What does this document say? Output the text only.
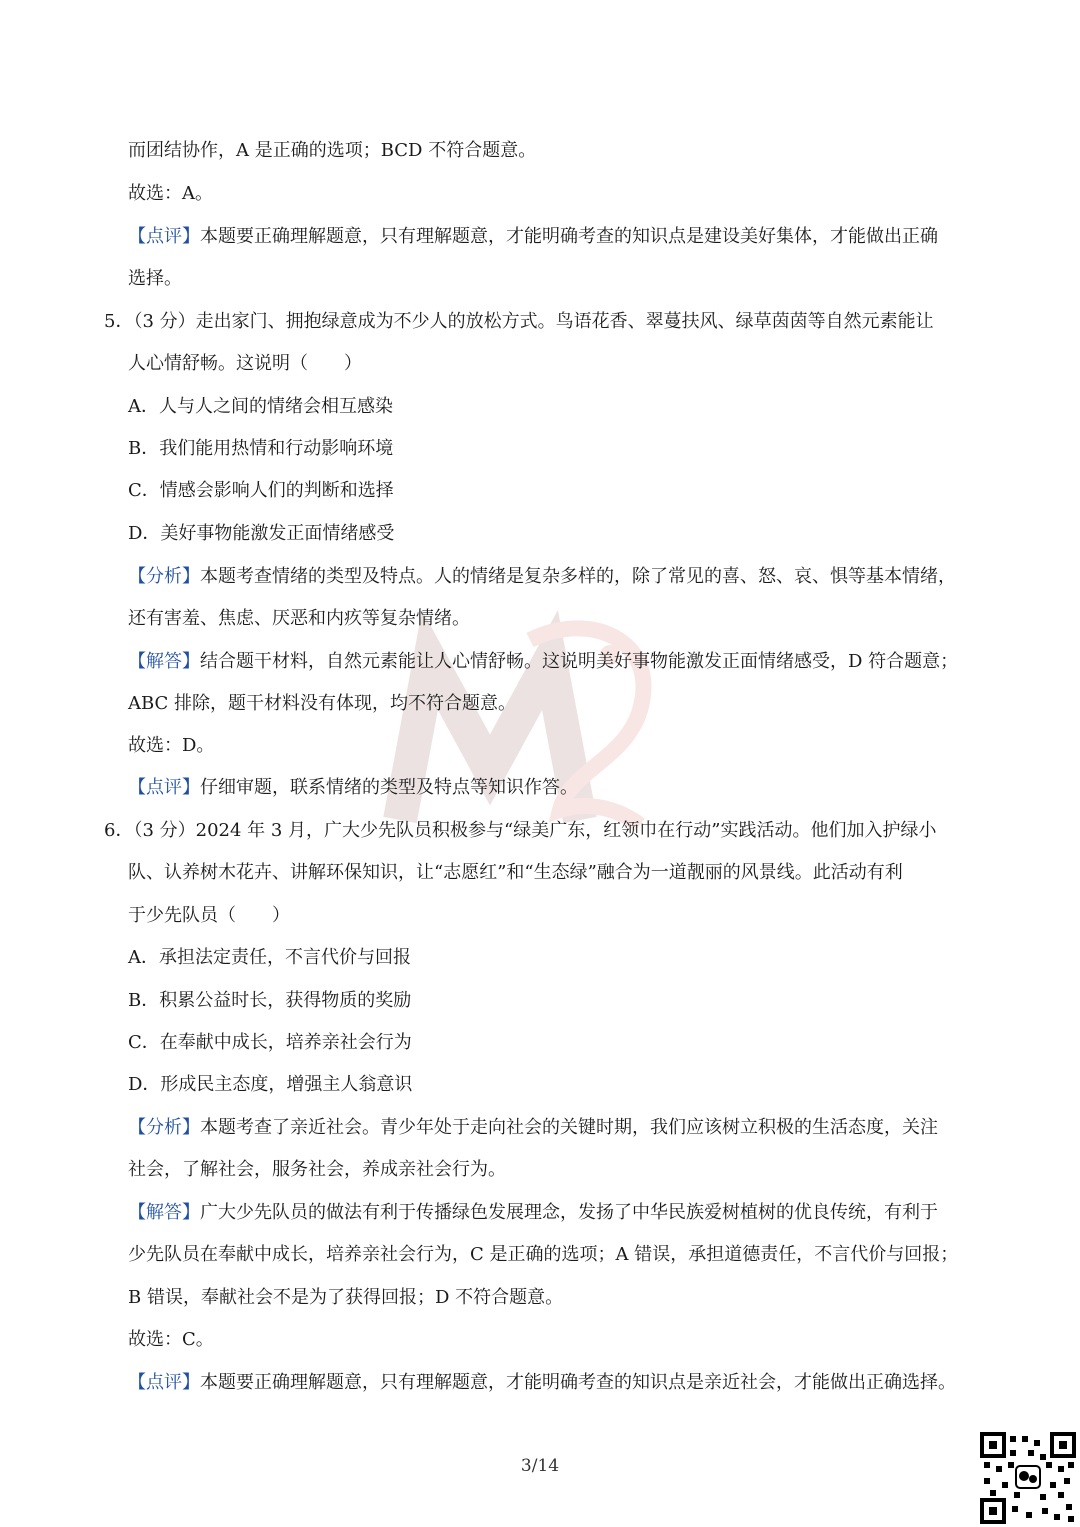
而团结协作，A 是正确的选项；BCD 不符合题意。
故选：A。
【点评】本题要正确理解题意，只有理解题意，才能明确考查的知识点是建设美好集体，才能做出正确
选择。
5．（3 分）走出家门、拥抱绿意成为不少人的放松方式。鸟语花香、翠蔓扶风、绿草茵茵等自然元素能让
人心情舒畅。这说明（　　）
A．人与人之间的情绪会相互感染
B．我们能用热情和行动影响环境
C．情感会影响人们的判断和选择
D．美好事物能激发正面情绪感受
【分析】本题考查情绪的类型及特点。人的情绪是复杂多样的，除了常见的喜、怒、哀、惧等基本情绪，
还有害羞、焦虑、厌恶和内疚等复杂情绪。
【解答】结合题干材料，自然元素能让人心情舒畅。这说明美好事物能激发正面情绪感受，D 符合题意；
ABC 排除，题干材料没有体现，均不符合题意。
故选：D。
【点评】仔细审题，联系情绪的类型及特点等知识作答。
6．（3 分）2024 年 3 月，广大少先队员积极参与“绿美广东，红领巾在行动”实践活动。他们加入护绿小
队、认养树木花卉、讲解环保知识，让“志愿红”和“生态绿”融合为一道靓丽的风景线。此活动有利
于少先队员（　　）
A．承担法定责任，不言代价与回报
B．积累公益时长，获得物质的奖励
C．在奉献中成长，培养亲社会行为
D．形成民主态度，增强主人翁意识
【分析】本题考查了亲近社会。青少年处于走向社会的关键时期，我们应该树立积极的生活态度，关注
社会，了解社会，服务社会，养成亲社会行为。
【解答】广大少先队员的做法有利于传播绿色发展理念，发扬了中华民族爱树植树的优良传统，有利于
少先队员在奉献中成长，培养亲社会行为，C 是正确的选项；A 错误，承担道德责任，不言代价与回报；
B 错误，奉献社会不是为了获得回报；D 不符合题意。
故选：C。
【点评】本题要正确理解题意，只有理解题意，才能明确考查的知识点是亲近社会，才能做出正确选择。
3/14
